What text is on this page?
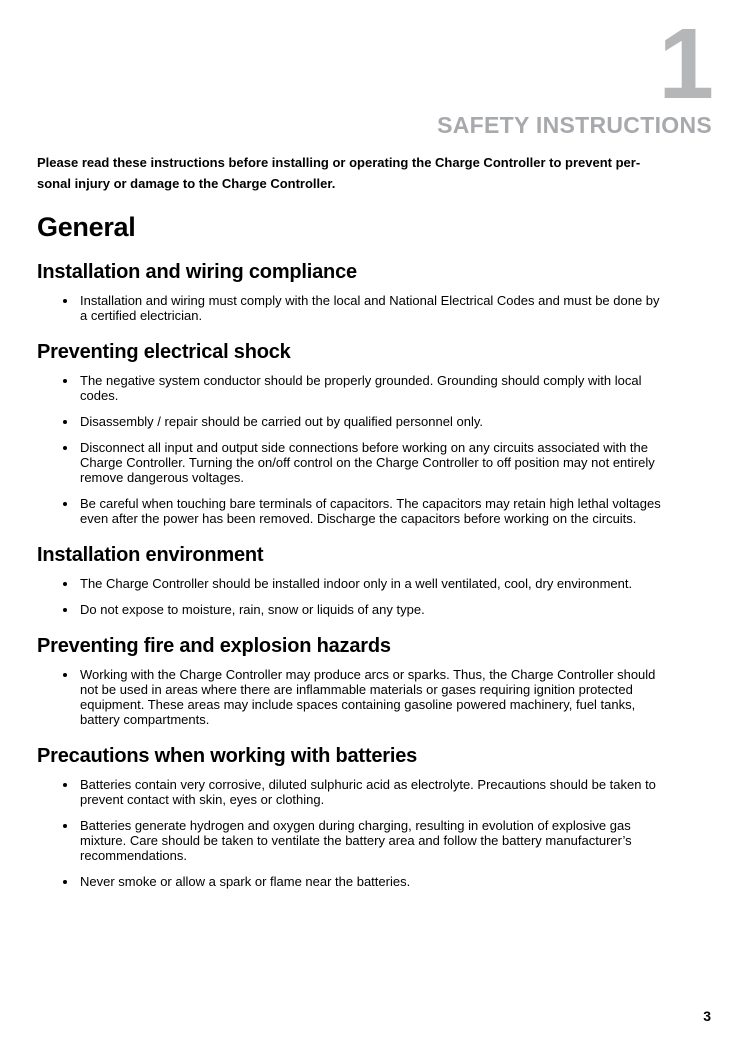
1
SAFETY INSTRUCTIONS
Please read these instructions before installing or operating the Charge Controller to prevent per-
sonal injury or damage to the Charge Controller.
General
Installation and wiring compliance
• Installation and wiring must comply with the local and National Electrical Codes and must be done by a certified electrician.
Preventing electrical shock
• The negative system conductor should be properly grounded. Grounding should comply with local codes.
• Disassembly / repair should be carried out by qualified personnel only.
• Disconnect all input and output side connections before working on any circuits associated with the Charge Controller. Turning the on/off control on the Charge Controller to off position may not entirely remove dangerous voltages.
• Be careful when touching bare terminals of capacitors. The capacitors may retain high lethal voltages even after the power has been removed. Discharge the capacitors before working on the circuits.
Installation environment
• The Charge Controller should be installed indoor only in a well ventilated, cool, dry environment.
• Do not expose to moisture, rain, snow or liquids of any type.
Preventing fire and explosion hazards
• Working with the Charge Controller may produce arcs or sparks. Thus, the Charge Controller should not be used in areas where there are inflammable materials or gases requiring ignition protected equipment. These areas may include spaces containing gasoline powered machinery, fuel tanks, battery compartments.
Precautions when working with batteries
• Batteries contain very corrosive, diluted sulphuric acid as electrolyte. Precautions should be taken to prevent contact with skin, eyes or clothing.
• Batteries generate hydrogen and oxygen during charging, resulting in evolution of explosive gas mixture. Care should be taken to ventilate the battery area and follow the battery manufacturer’s recommendations.
• Never smoke or allow a spark or flame near the batteries.
3
